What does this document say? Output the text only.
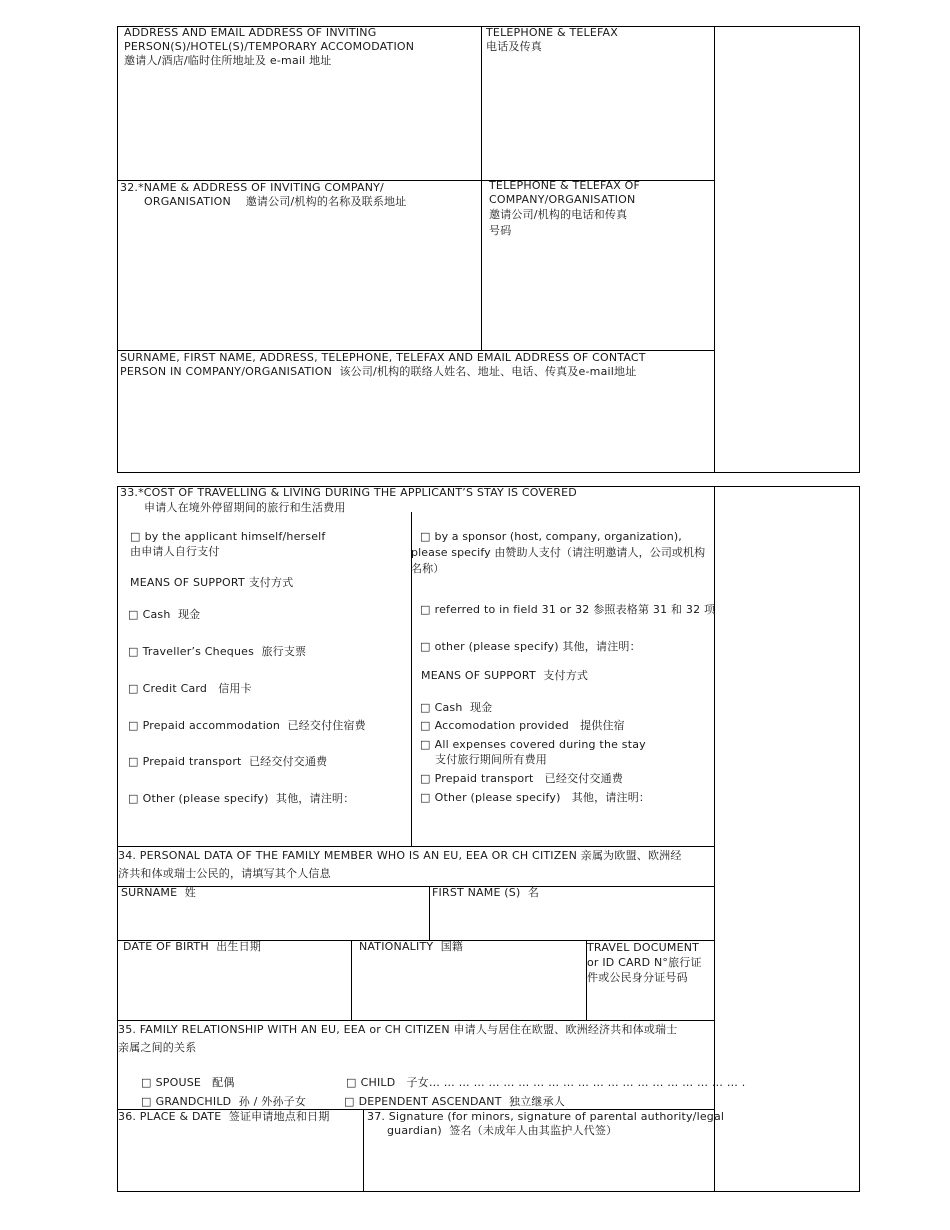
ADDRESS AND EMAIL ADDRESS OF INVITING
PERSON(S)/HOTEL(S)/TEMPORARY ACCOMODATION
邀请人/酒店/临时住所地址及 e-mail 地址
TELEPHONE & TELEFAX
电话及传真
32.*NAME & ADDRESS OF INVITING COMPANY/
ORGANISATION 邀请公司/机构的名称及联系地址
TELEPHONE & TELEFAX OF
COMPANY/ORGANISATION
邀请公司/机构的电话和传真
号码
SURNAME, FIRST NAME, ADDRESS, TELEPHONE, TELEFAX AND EMAIL ADDRESS OF CONTACT
PERSON IN COMPANY/ORGANISATION 该公司/机构的联络人姓名、地址、电话、传真及e-mail地址
33.*COST OF TRAVELLING & LIVING DURING THE APPLICANT’S STAY IS COVERED
申请人在境外停留期间的旅行和生活费用
□ by the applicant himself/herself
由申请人自行支付
MEANS OF SUPPORT 支付方式
□ Cash 现金
□ Traveller’s Cheques 旅行支票
□ Credit Card 信用卡
□ Prepaid accommodation 已经交付住宿费
□ Prepaid transport 已经交付交通费
□ Other (please specify) 其他，请注明：
□ by a sponsor (host, company, organization),
please specify 由赞助人支付（请注明邀请人，公司或机构名称）
□ referred to in field 31 or 32 参照表格第 31 和 32 项
□ other (please specify) 其他，请注明：
MEANS OF SUPPORT 支付方式
□ Cash 现金
□ Accomodation provided 提供住宿
□ All expenses covered during the stay
支付旅行期间所有费用
□ Prepaid transport 已经交付交通费
□ Other (please specify) 其他，请注明：
34. PERSONAL DATA OF THE FAMILY MEMBER WHO IS AN EU, EEA OR CH CITIZEN 亲属为欧盟、欧洲经
济共和体或瑞士公民的，请填写其个人信息
SURNAME 姓	FIRST NAME (S) 名
DATE OF BIRTH 出生日期	NATIONALITY 国籍	TRAVEL DOCUMENT
or ID CARD N°旅行证
件或公民身分证号码
35. FAMILY RELATIONSHIP WITH AN EU, EEA or CH CITIZEN 申请人与居住在欧盟、欧洲经济共和体或瑞士
亲属之间的关系
□ SPOUSE 配偶	□ CHILD 子女… … … … … … … … … … … … … … … … … … … … … .
□ GRANDCHILD 孙 / 外孙子女	□ DEPENDENT ASCENDANT 独立继承人
36. PLACE & DATE 签证申请地点和日期	37. Signature (for minors, signature of parental authority/legal
guardian) 签名（未成年人由其监护人代签）
